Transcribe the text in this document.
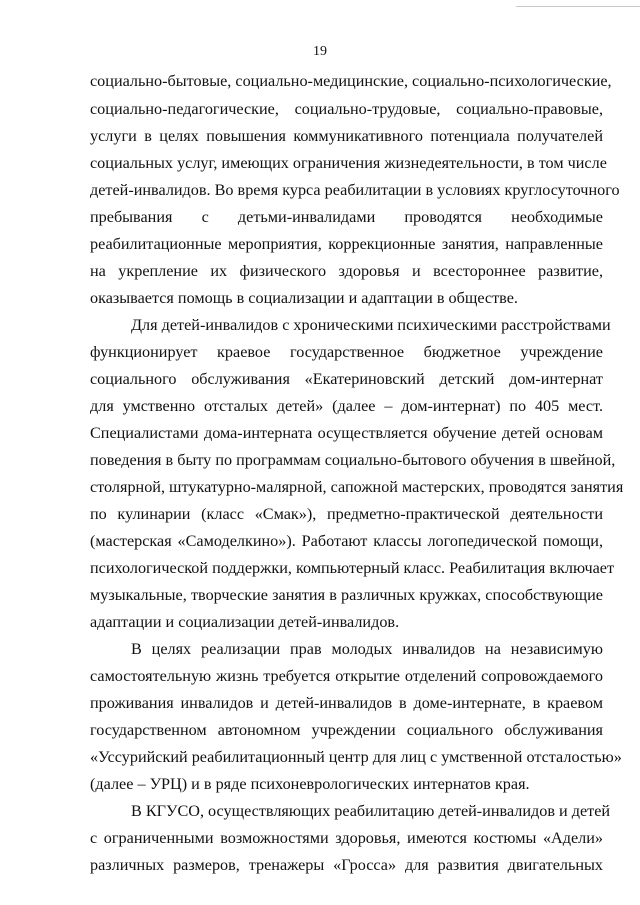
19
социально-бытовые, социально-медицинские, социально-психологические,
социально-педагогические, социально-трудовые, социально-правовые,
услуги в целях повышения коммуникативного потенциала получателей
социальных услуг, имеющих ограничения жизнедеятельности, в том числе
детей-инвалидов. Во время курса реабилитации в условиях круглосуточного
пребывания с детьми-инвалидами проводятся необходимые
реабилитационные мероприятия, коррекционные занятия, направленные
на укрепление их физического здоровья и всестороннее развитие,
оказывается помощь в социализации и адаптации в обществе.
Для детей-инвалидов с хроническими психическими расстройствами
функционирует краевое государственное бюджетное учреждение
социального обслуживания «Екатериновский детский дом-интернат
для умственно отсталых детей» (далее – дом-интернат) по 405 мест.
Специалистами дома-интерната осуществляется обучение детей основам
поведения в быту по программам социально-бытового обучения в швейной,
столярной, штукатурно-малярной, сапожной мастерских, проводятся занятия
по кулинарии (класс «Смак»), предметно-практической деятельности
(мастерская «Самоделкино»). Работают классы логопедической помощи,
психологической поддержки, компьютерный класс. Реабилитация включает
музыкальные, творческие занятия в различных кружках, способствующие
адаптации и социализации детей-инвалидов.
В целях реализации прав молодых инвалидов на независимую
самостоятельную жизнь требуется открытие отделений сопровождаемого
проживания инвалидов и детей-инвалидов в доме-интернате, в краевом
государственном автономном учреждении социального обслуживания
«Уссурийский реабилитационный центр для лиц с умственной отсталостью»
(далее – УРЦ) и в ряде психоневрологических интернатов края.
В КГУСО, осуществляющих реабилитацию детей-инвалидов и детей
с ограниченными возможностями здоровья, имеются костюмы «Адели»
различных размеров, тренажеры «Гросса» для развития двигательных
